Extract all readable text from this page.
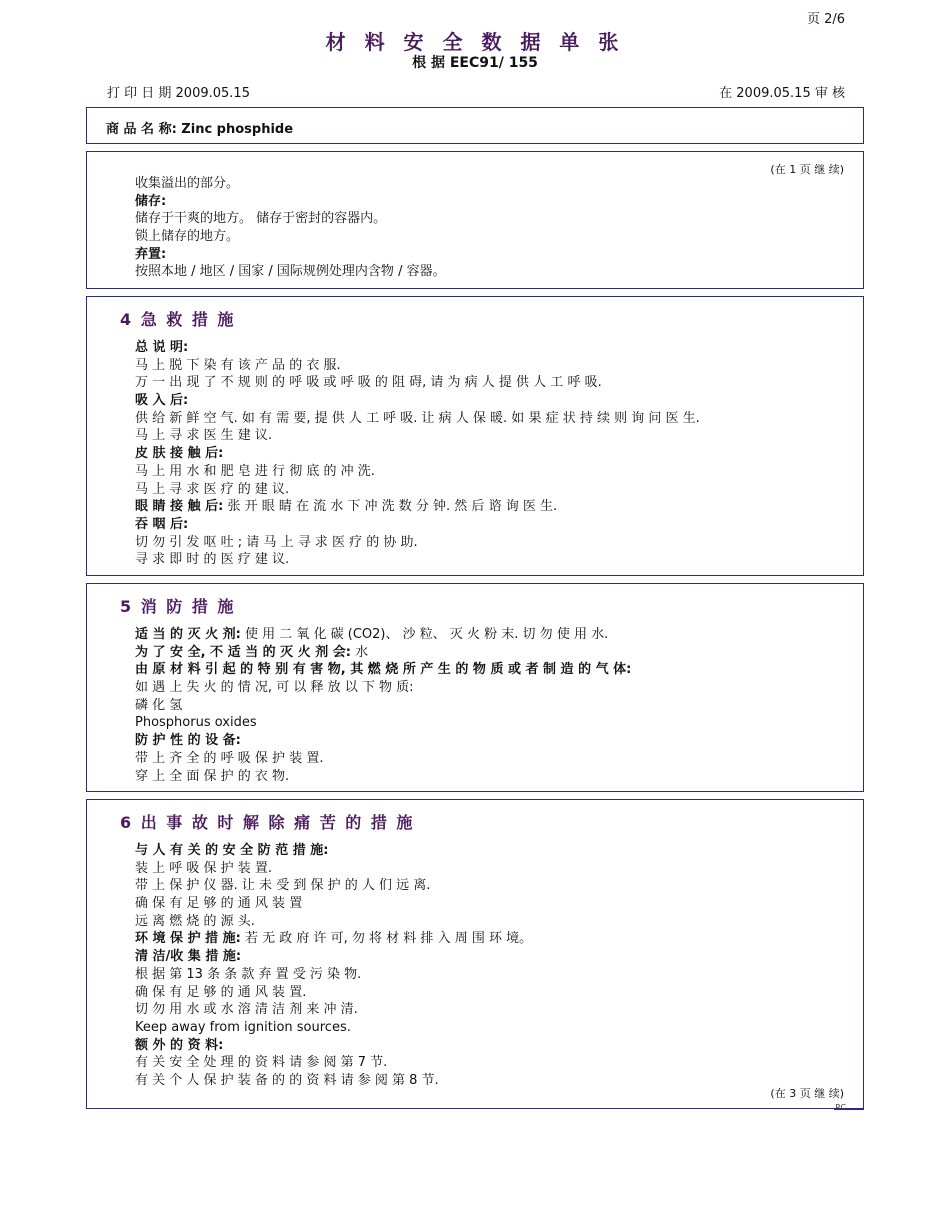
页 2/6
材 料 安 全 数 据 单 张
根 据 EEC91/ 155
打 印 日 期 2009.05.15	在 2009.05.15 审 核
商 品 名 称: Zinc phosphide
(在 1 页 继 续)
收集溢出的部分。
储存:
储存于干爽的地方。 储存于密封的容器内。
锁上储存的地方。
弃置:
按照本地 / 地区 / 国家 / 国际规例处理内含物 / 容器。
4 急 救 措 施
总 说 明:
马 上 脱 下 染 有 该 产 品 的 衣 服.
万 一 出 现 了 不 规 则 的 呼 吸 或 呼 吸 的 阻 碍, 请 为 病 人 提 供 人 工 呼 吸.
吸 入 后:
供 给 新 鲜 空 气. 如 有 需 要, 提 供 人 工 呼 吸. 让 病 人 保 暖. 如 果 症 状 持 续 则 询 问 医 生.
马 上 寻 求 医 生 建 议.
皮 肤 接 触 后:
马 上 用 水 和 肥 皂 进 行 彻 底 的 冲 洗.
马 上 寻 求 医 疗 的 建 议.
眼 睛 接 触 后: 张 开 眼 睛 在 流 水 下 冲 洗 数 分 钟. 然 后 谘 询 医 生.
吞 咽 后:
切 勿 引 发 呕 吐 ; 请 马 上 寻 求 医 疗 的 协 助.
寻 求 即 时 的 医 疗 建 议.
5 消 防 措 施
适 当 的 灭 火 剂: 使 用 二 氧 化 碳 (CO2)、 沙 粒、 灭 火 粉 末. 切 勿 使 用 水.
为 了 安 全, 不 适 当 的 灭 火 剂 会: 水
由 原 材 料 引 起 的 特 别 有 害 物, 其 燃 烧 所 产 生 的 物 质 或 者 制 造 的 气 体:
如 遇 上 失 火 的 情 况, 可 以 释 放 以 下 物 质:
磷 化 氢
Phosphorus oxides
防 护 性 的 设 备:
带 上 齐 全 的 呼 吸 保 护 装 置.
穿 上 全 面 保 护 的 衣 物.
6 出 事 故 时 解 除 痛 苦 的 措 施
与 人 有 关 的 安 全 防 范 措 施:
装 上 呼 吸 保 护 装 置.
带 上 保 护 仪 器. 让 未 受 到 保 护 的 人 们 远 离.
确 保 有 足 够 的 通 风 装 置
远 离 燃 烧 的 源 头.
环 境 保 护 措 施: 若 无 政 府 许 可, 勿 将 材 料 排 入 周 围 环 境。
清 洁/收 集 措 施:
根 据 第 13 条 条 款 弃 置 受 污 染 物.
确 保 有 足 够 的 通 风 装 置.
切 勿 用 水 或 水 溶 清 洁 剂 来 冲 清.
Keep away from ignition sources.
额 外 的 资 料:
有 关 安 全 处 理 的 资 料 请 参 阅 第 7 节.
有 关 个 人 保 护 装 备 的 的 资 料 请 参 阅 第 8 节.
(在 3 页 继 续)
RC
